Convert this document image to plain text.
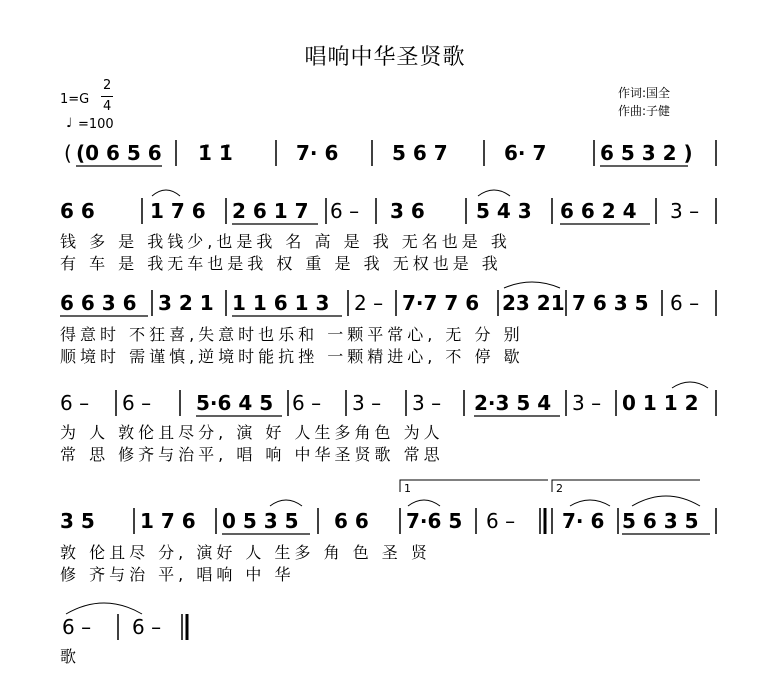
唱响中华圣贤歌
1=G
2
4
♩ =100
作词:国全
作曲:子健
( (0 6 5 6 1̇ 1̇	7· 6	5 6 7	6· 7	6 5 3 2 )
6 6	1 7 6 2 6 1 7 6 – 3 6	5 4 3 6 6 2 4 3 –
钱 多 是 我钱少,也是我 名 高 是 我 无名也是 我
有 车 是 我无车也是我 权 重 是 我 无权也是 我
6 6 3 6 3 2 1 1 1 6 1 3 2 – 7·7 7 6 23 21 7 6 3 5 6 –
得意时 不狂喜,失意时也乐和 一颗平常心, 无 分 别
顺境时 需谨慎,逆境时能抗挫 一颗精进心, 不 停 歇
6 – 6 – 5·6 4 5 6 – 3 – 3 – 2·3 5 4 3 – 0 1 1 2
为 人 敦伦且尽分, 演 好 人生多角色 为人
常 思 修齐与治平, 唱 响 中华圣贤歌 常思
1	2
3 5 1 7 6 0 5 3 5 6 6 7·6 5 6 – 7· 6 5 6 3 5
敦 伦且尽 分, 演好 人 生多 角 色 圣 贤
修 齐与治 平, 唱响 中 华
6 – 6 –
歌
